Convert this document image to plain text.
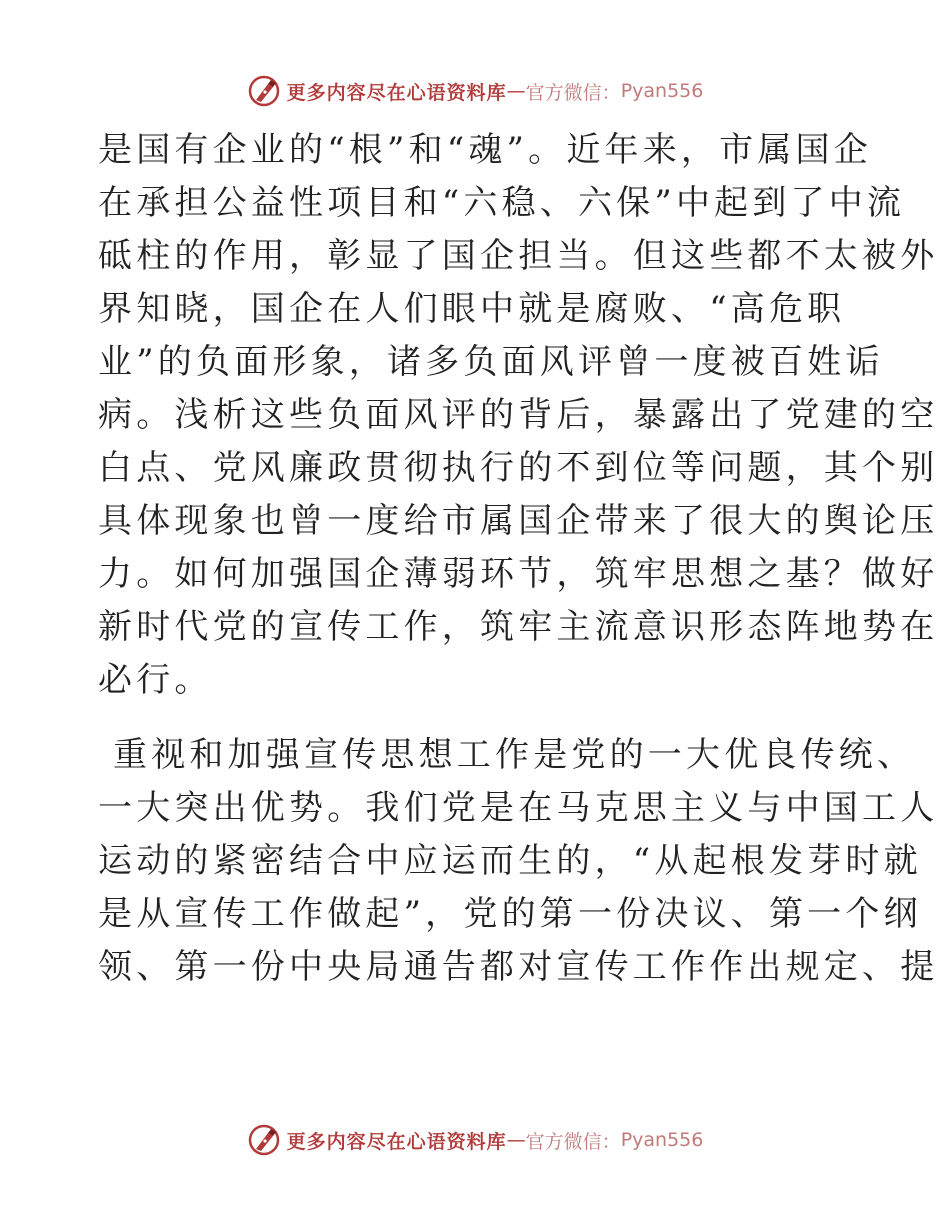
更多内容尽在心语资料库 — 官方微信： Pyan556
是国有企业的“根”和“魂”。近年来，市属国企
在承担公益性项目和“六稳、六保”中起到了中流
砥柱的作用，彰显了国企担当。但这些都不太被外
界知晓，国企在人们眼中就是腐败、“高危职
业”的负面形象，诸多负面风评曾一度被百姓诟
病。浅析这些负面风评的背后，暴露出了党建的空
白点、党风廉政贯彻执行的不到位等问题，其个别
具体现象也曾一度给市属国企带来了很大的舆论压
力。如何加强国企薄弱环节，筑牢思想之基？做好
新时代党的宣传工作，筑牢主流意识形态阵地势在
必行。
重视和加强宣传思想工作是党的一大优良传统、
一大突出优势。我们党是在马克思主义与中国工人
运动的紧密结合中应运而生的，“从起根发芽时就
是从宣传工作做起”，党的第一份决议、第一个纲
领、第一份中央局通告都对宣传工作作出规定、提
更多内容尽在心语资料库 — 官方微信： Pyan556
